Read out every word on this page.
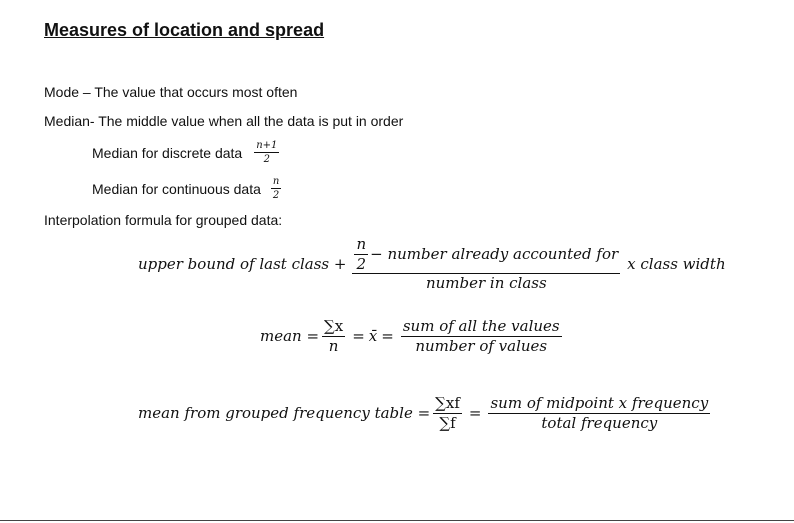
Measures of location and spread
Mode – The value that occurs most often
Median- The middle value when all the data is put in order
Median for discrete data $\frac{n+1}{2}$
Median for continuous data $\frac{n}{2}$
Interpolation formula for grouped data:
upper bound of last class + $\frac{\frac{n}{2} - number already accounted for}{\text{number in class}}$ x class width
mean = $\frac{\sum x}{n}$ = x̄ = $\frac{\text{sum of all the values}}{\text{number of values}}$
mean from grouped frequency table = $\frac{\sum xf}{\sum f} = \frac{\text{sum of midpoint x frequency}}{\text{total frequency}}$
